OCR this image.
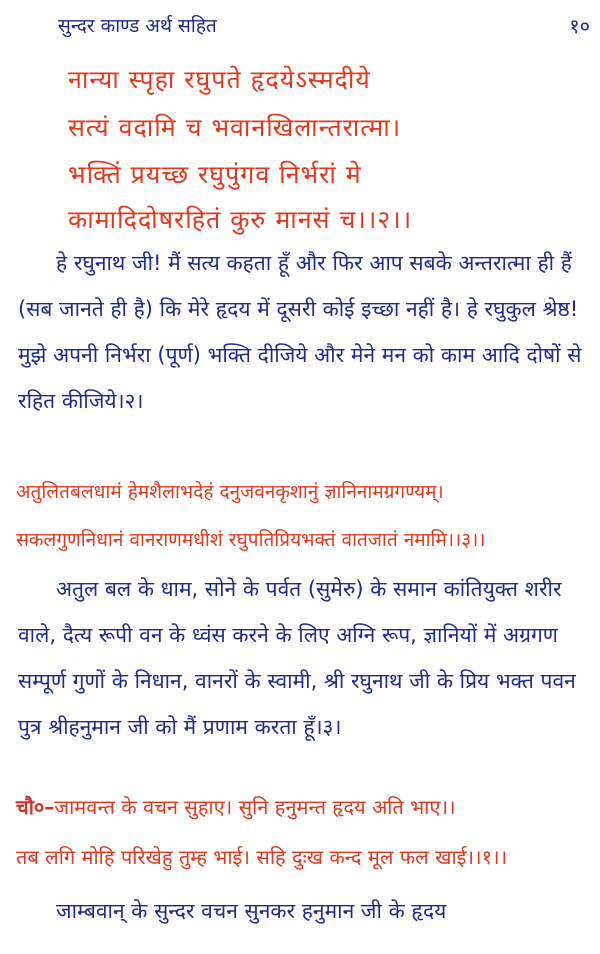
सुन्दर काण्ड अर्थ सहित	१०
नान्या स्पृहा रघुपते हृदयेऽस्मदीये
सत्यं वदामि च भवानखिलान्तरात्मा।
भक्तिं प्रयच्छ रघुपुंगव निर्भरां मे
कामादिदोषरहितं कुरु मानसं च।।२।।
हे रघुनाथ जी! मैं सत्य कहता हूँ और फिर आप सबके अन्तरात्मा ही हैं (सब जानते ही है) कि मेरे हृदय में दूसरी कोई इच्छा नहीं है। हे रघुकुल श्रेष्ठ! मुझे अपनी निर्भरा (पूर्ण) भक्ति दीजिये और मेने मन को काम आदि दोषों से रहित कीजिये।२।
अतुलितबलधामं हेमशैलाभदेहं दनुजवनकृशानुं ज्ञानिनामग्रगण्यम्।
सकलगुणनिधानं वानराणमधीशं रघुपतिप्रियभक्तं वातजातं नमामि।।३।।
अतुल बल के धाम, सोने के पर्वत (सुमेरु) के समान कांतियुक्त शरीर वाले, दैत्य रूपी वन के ध्वंस करने के लिए अग्नि रूप, ज्ञानियों में अग्रगण सम्पूर्ण गुणों के निधान, वानरों के स्वामी, श्री रघुनाथ जी के प्रिय भक्त पवन पुत्र श्रीहनुमान जी को मैं प्रणाम करता हूँ।३।
चौ०–जामवन्त के वचन सुहाए। सुनि हनुमन्त हृदय अति भाए।।
तब लगि मोहि परिखेहु तुम्ह भाई। सहि दुःख कन्द मूल फल खाई।।१।।
जाम्बवान् के सुन्दर वचन सुनकर हनुमान जी के हृदय
